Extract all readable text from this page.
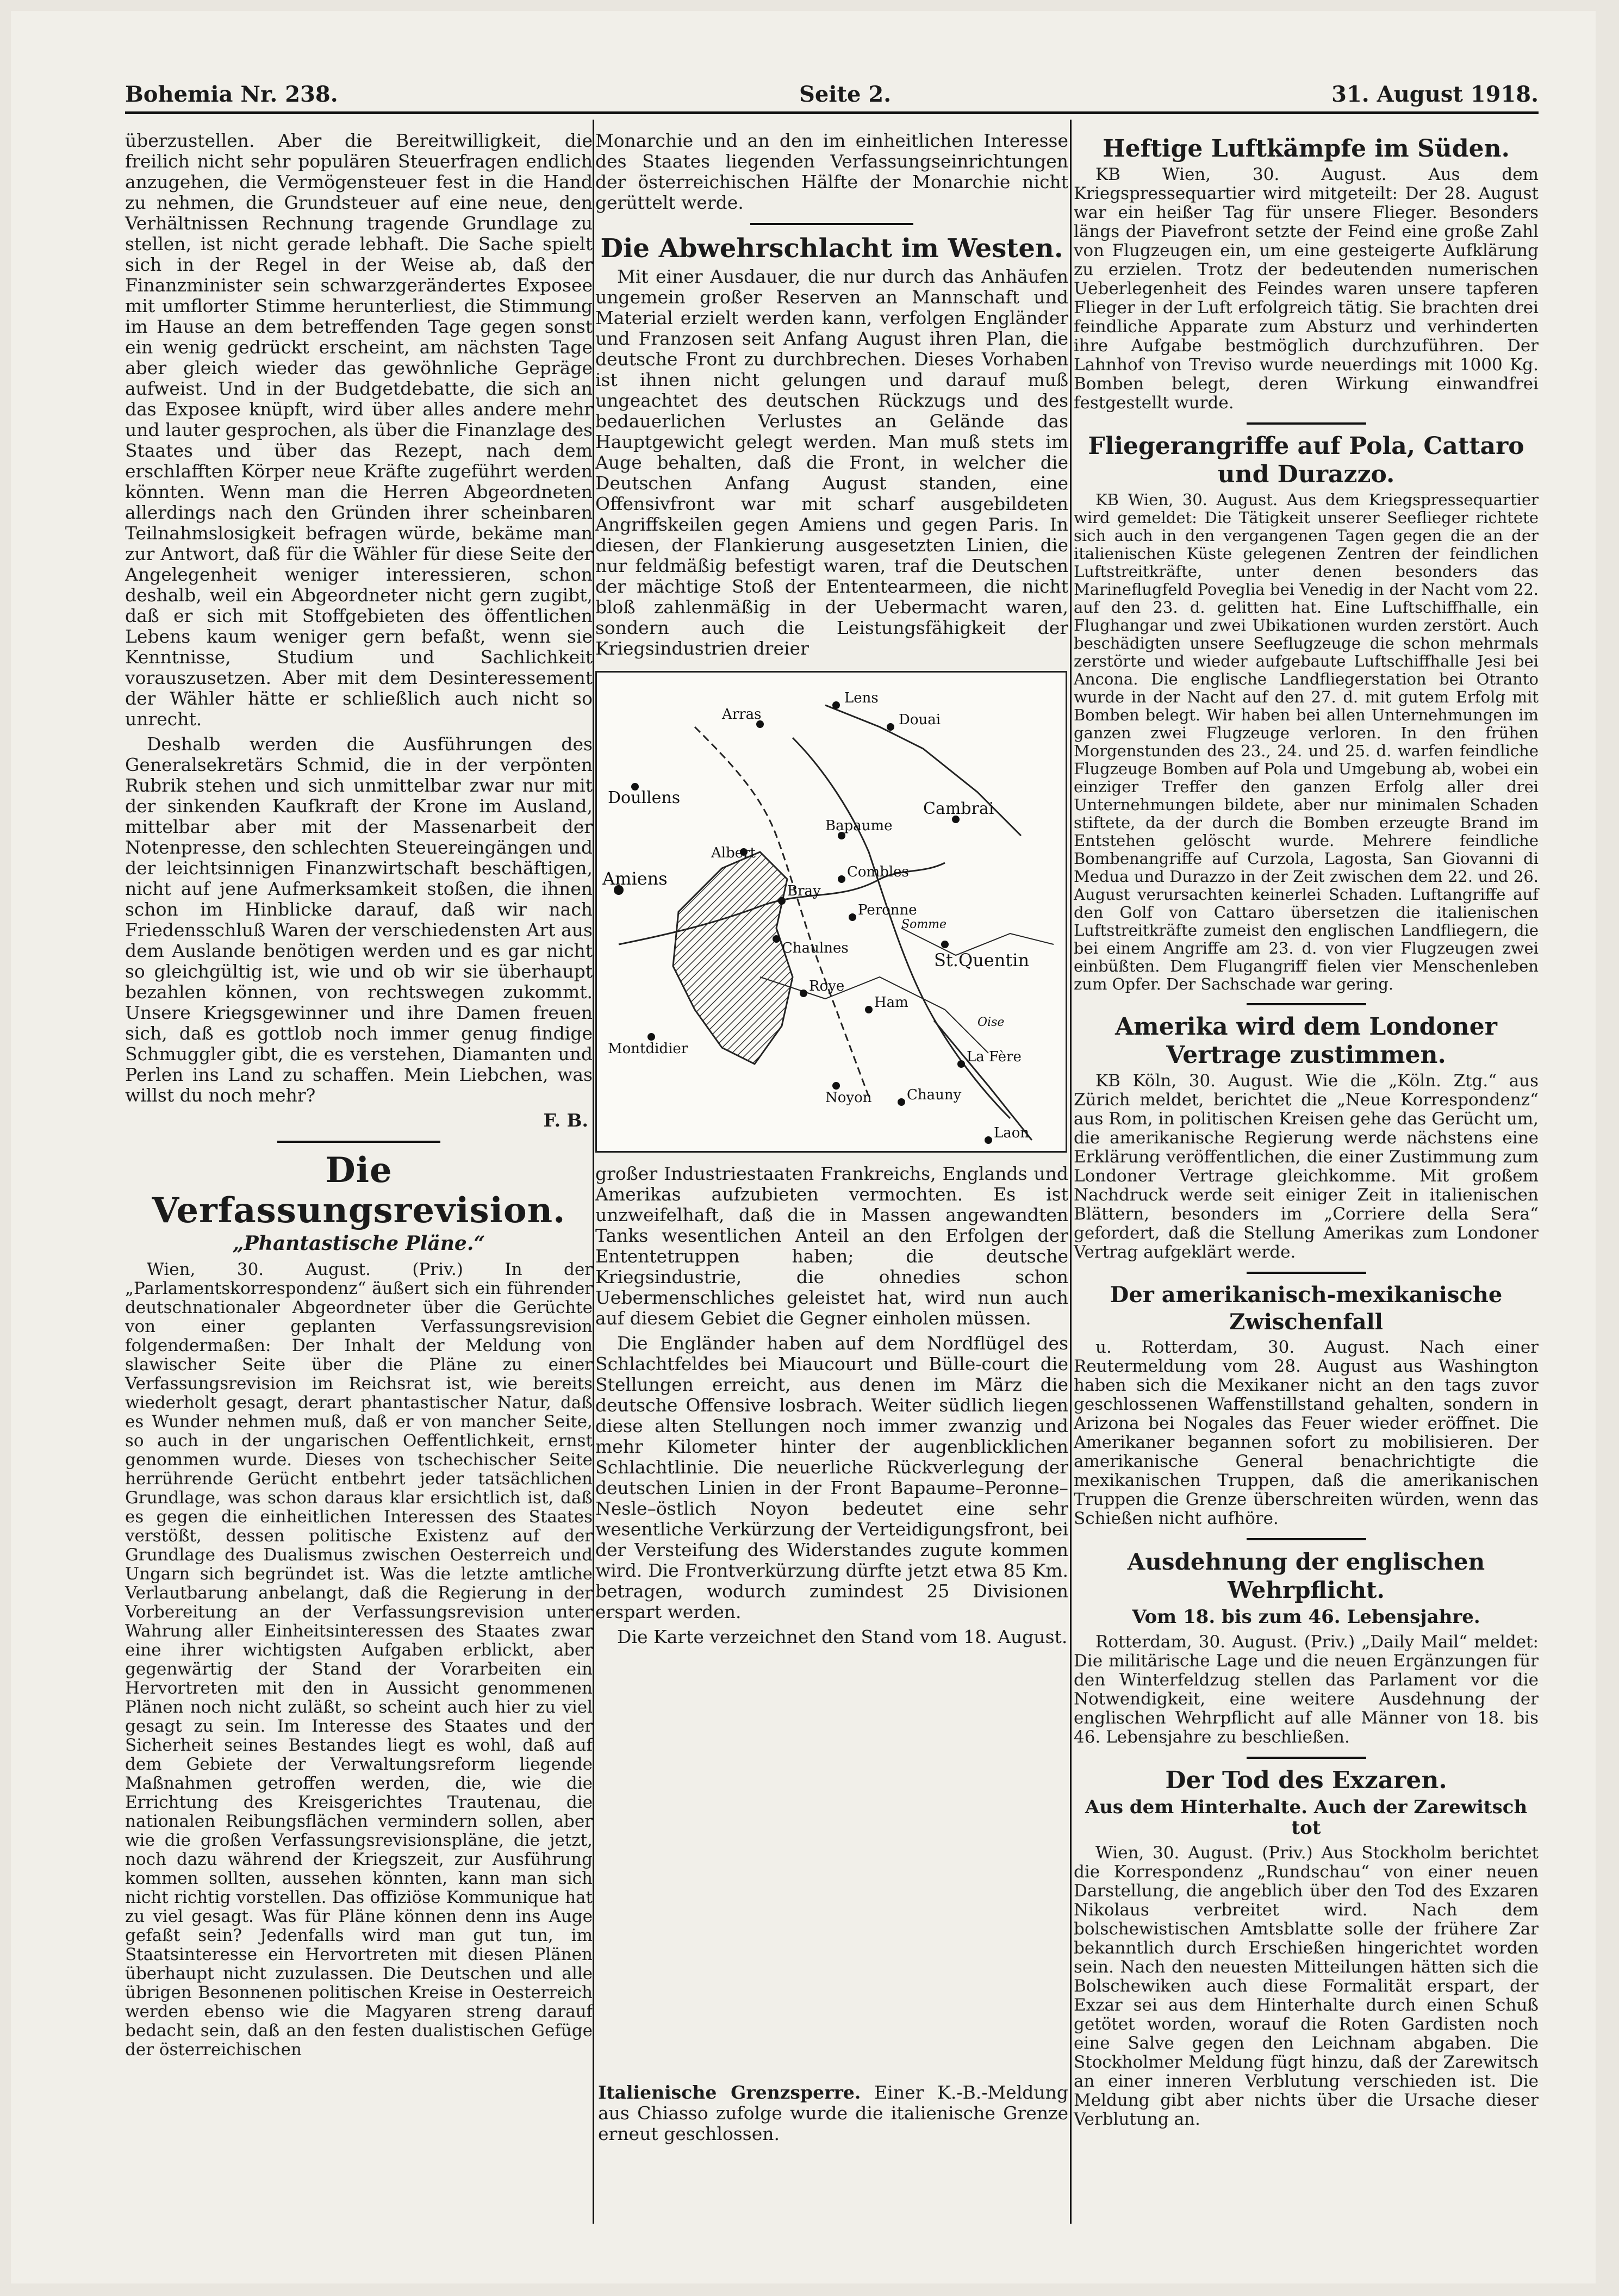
Bohemia Nr. 238.	Seite 2.	31. August 1918.

überzustellen. Aber die Bereitwilligkeit, die freilich nicht sehr populären Steuerfragen endlich anzugehen, die Vermögensteuer fest in die Hand zu nehmen, die Grundsteuer auf eine neue, den Verhältnissen Rechnung tragende Grundlage zu stellen, ist nicht gerade lebhaft. Die Sache spielt sich in der Regel in der Weise ab, daß der Finanzminister sein schwarzgerändertes Exposee mit umflorter Stimme herunterliest, die Stimmung im Hause an dem betreffenden Tage gegen sonst ein wenig gedrückt erscheint, am nächsten Tage aber gleich wieder das gewöhnliche Gepräge aufweist. Und in der Budgetdebatte, die sich an das Exposee knüpft, wird über alles andere mehr und lauter gesprochen, als über die Finanzlage des Staates und über das Rezept, nach dem erschlafften Körper neue Kräfte zugeführt werden könnten. Wenn man die Herren Abgeordneten allerdings nach den Gründen ihrer scheinbaren Teilnahmslosigkeit befragen würde, bekäme man zur Antwort, daß für die Wähler für diese Seite der Angelegenheit weniger interessieren, schon deshalb, weil ein Abgeordneter nicht gern zugibt, daß er sich mit Stoffgebieten des öffentlichen Lebens kaum weniger gern befaßt, wenn sie Kenntnisse, Studium und Sachlichkeit vorauszusetzen. Aber mit dem Desinteressement der Wähler hätte er schließlich auch nicht so unrecht.

Deshalb werden die Ausführungen des Generalsekretärs Schmid, die in der verpönten Rubrik stehen und sich unmittelbar zwar nur mit der sinkenden Kaufkraft der Krone im Ausland, mittelbar aber mit der Massenarbeit der Notenpresse, den schlechten Steuereingängen und der leichtsinnigen Finanzwirtschaft beschäftigen, nicht auf jene Aufmerksamkeit stoßen, die ihnen schon im Hinblicke darauf, daß wir nach Friedensschluß Waren der verschiedensten Art aus dem Auslande benötigen werden und es gar nicht so gleichgültig ist, wie und ob wir sie überhaupt bezahlen können, von rechtswegen zukommt. Unsere Kriegsgewinner und ihre Damen freuen sich, daß es gottlob noch immer genug findige Schmuggler gibt, die es verstehen, Diamanten und Perlen ins Land zu schaffen. Mein Liebchen, was willst du noch mehr?

F. B.
Die Verfassungsrevision.
„Phantastische Pläne.“

Wien, 30. August. (Priv.) In der „Parlamentskorrespondenz“ äußert sich ein führender deutschnationaler Abgeordneter über die Gerüchte von einer geplanten Verfassungsrevision folgendermaßen: Der Inhalt der Meldung von slawischer Seite über die Pläne zu einer Verfassungsrevision im Reichsrat ist, wie bereits wiederholt gesagt, derart phantastischer Natur, daß es Wunder nehmen muß, daß er von mancher Seite, so auch in der ungarischen Oeffentlichkeit, ernst genommen wurde. Dieses von tschechischer Seite herrührende Gerücht entbehrt jeder tatsächlichen Grundlage, was schon daraus klar ersichtlich ist, daß es gegen die einheitlichen Interessen des Staates verstößt, dessen politische Existenz auf der Grundlage des Dualismus zwischen Oesterreich und Ungarn sich begründet ist. Was die letzte amtliche Verlautbarung anbelangt, daß die Regierung in der Vorbereitung an der Verfassungsrevision unter Wahrung aller Einheitsinteressen des Staates zwar eine ihrer wichtigsten Aufgaben erblickt, aber gegenwärtig der Stand der Vorarbeiten ein Hervortreten mit den in Aussicht genommenen Plänen noch nicht zuläßt, so scheint auch hier zu viel gesagt zu sein. Im Interesse des Staates und der Sicherheit seines Bestandes liegt es wohl, daß auf dem Gebiete der Verwaltungsreform liegende Maßnahmen getroffen werden, die, wie die Errichtung des Kreisgerichtes Trautenau, die nationalen Reibungsflächen vermindern sollen, aber wie die großen Verfassungsrevisionspläne, die jetzt, noch dazu während der Kriegszeit, zur Ausführung kommen sollten, aussehen könnten, kann man sich nicht richtig vorstellen. Das offiziöse Kommunique hat zu viel gesagt. Was für Pläne können denn ins Auge gefaßt sein? Jedenfalls wird man gut tun, im Staatsinteresse ein Hervortreten mit diesen Plänen überhaupt nicht zuzulassen. Die Deutschen und alle übrigen Besonnenen politischen Kreise in Oesterreich werden ebenso wie die Magyaren streng darauf bedacht sein, daß an den festen dualistischen Gefüge der österreichischen

Monarchie und an den im einheitlichen Interesse des Staates liegenden Verfassungseinrichtungen der österreichischen Hälfte der Monarchie nicht gerüttelt werde.

Die Abwehrschlacht im Westen.

Mit einer Ausdauer, die nur durch das Anhäufen ungemein großer Reserven an Mannschaft und Material erzielt werden kann, verfolgen Engländer und Franzosen seit Anfang August ihren Plan, die deutsche Front zu durchbrechen. Dieses Vorhaben ist ihnen nicht gelungen und darauf muß ungeachtet des deutschen Rückzugs und des bedauerlichen Verlustes an Gelände das Hauptgewicht gelegt werden. Man muß stets im Auge behalten, daß die Front, in welcher die Deutschen Anfang August standen, eine Offensivfront war mit scharf ausgebildeten Angriffskeilen gegen Amiens und gegen Paris. In diesen, der Flankierung ausgesetzten Linien, die nur feldmäßig befestigt waren, traf die Deutschen der mächtige Stoß der Ententearmeen, die nicht bloß zahlenmäßig in der Uebermacht waren, sondern auch die Leistungsfähigkeit der Kriegsindustrien dreier

Lens
Arras	Douai
Doullens
Cambrai
Bapaume
Albert
Amiens	Combles
Bray
Peronne
Chaulnes
St.Quentin
Roye
Ham
Montdidier
Noyon Chauny
La Fère
Laon
Somme
Oise

großer Industriestaaten Frankreichs, Englands und Amerikas aufzubieten vermochten. Es ist unzweifelhaft, daß die in Massen angewandten Tanks wesentlichen Anteil an den Erfolgen der Ententetruppen haben; die deutsche Kriegsindustrie, die ohnedies schon Uebermenschliches geleistet hat, wird nun auch auf diesem Gebiet die Gegner einholen müssen.

Die Engländer haben auf dem Nordflügel des Schlachtfeldes bei Miaucourt und Bülle-court die Stellungen erreicht, aus denen im März die deutsche Offensive losbrach. Weiter südlich liegen diese alten Stellungen noch immer zwanzig und mehr Kilometer hinter der augenblicklichen Schlachtlinie. Die neuerliche Rückverlegung der deutschen Linien in der Front Bapaume–Peronne–Nesle–östlich Noyon bedeutet eine sehr wesentliche Verkürzung der Verteidigungsfront, bei der Versteifung des Widerstandes zugute kommen wird. Die Frontverkürzung dürfte jetzt etwa 85 Km. betragen, wodurch zumindest 25 Divisionen erspart werden.

Die Karte verzeichnet den Stand vom 18. August.

Italienische Grenzsperre. Einer K.-B.-Meldung aus Chiasso zufolge wurde die italienische Grenze erneut geschlossen.
Heftige Luftkämpfe im Süden.

KB Wien, 30. August. Aus dem Kriegspressequartier wird mitgeteilt: Der 28. August war ein heißer Tag für unsere Flieger. Besonders längs der Piavefront setzte der Feind eine große Zahl von Flugzeugen ein, um eine gesteigerte Aufklärung zu erzielen. Trotz der bedeutenden numerischen Ueberlegenheit des Feindes waren unsere tapferen Flieger in der Luft erfolgreich tätig. Sie brachten drei feindliche Apparate zum Absturz und verhinderten ihre Aufgabe bestmöglich durchzuführen. Der Lahnhof von Treviso wurde neuerdings mit 1000 Kg. Bomben belegt, deren Wirkung einwandfrei festgestellt wurde.

Fliegerangriffe auf Pola, Cattaro und Durazzo.

KB Wien, 30. August. Aus dem Kriegspressequartier wird gemeldet: Die Tätigkeit unserer Seeflieger richtete sich auch in den vergangenen Tagen gegen die an der italienischen Küste gelegenen Zentren der feindlichen Luftstreitkräfte, unter denen besonders das Marineflugfeld Poveglia bei Venedig in der Nacht vom 22. auf den 23. d. gelitten hat. Eine Luftschiffhalle, ein Flughangar und zwei Ubikationen wurden zerstört. Auch beschädigten unsere Seeflugzeuge die schon mehrmals zerstörte und wieder aufgebaute Luftschiffhalle Jesi bei Ancona. Die englische Landfliegerstation bei Otranto wurde in der Nacht auf den 27. d. mit gutem Erfolg mit Bomben belegt. Wir haben bei allen Unternehmungen im ganzen zwei Flugzeuge verloren. In den frühen Morgenstunden des 23., 24. und 25. d. warfen feindliche Flugzeuge Bomben auf Pola und Umgebung ab, wobei ein einziger Treffer den ganzen Erfolg aller drei Unternehmungen bildete, aber nur minimalen Schaden stiftete, da der durch die Bomben erzeugte Brand im Entstehen gelöscht wurde. Mehrere feindliche Bombenangriffe auf Curzola, Lagosta, San Giovanni di Medua und Durazzo in der Zeit zwischen dem 22. und 26. August verursachten keinerlei Schaden. Luftangriffe auf den Golf von Cattaro übersetzen die italienischen Luftstreitkräfte zumeist den englischen Landfliegern, die bei einem Angriffe am 23. d. von vier Flugzeugen zwei einbüßten. Dem Flugangriff fielen vier Menschenleben zum Opfer. Der Sachschade war gering.

Amerika wird dem Londoner Vertrage zustimmen.

KB Köln, 30. August. Wie die „Köln. Ztg.“ aus Zürich meldet, berichtet die „Neue Korrespondenz“ aus Rom, in politischen Kreisen gehe das Gerücht um, die amerikanische Regierung werde nächstens eine Erklärung veröffentlichen, die einer Zustimmung zum Londoner Vertrage gleichkomme. Mit großem Nachdruck werde seit einiger Zeit in italienischen Blättern, besonders im „Corriere della Sera“ gefordert, daß die Stellung Amerikas zum Londoner Vertrag aufgeklärt werde.

Der amerikanisch-mexikanische Zwischenfall

u. Rotterdam, 30. August. Nach einer Reutermeldung vom 28. August aus Washington haben sich die Mexikaner nicht an den tags zuvor geschlossenen Waffenstillstand gehalten, sondern in Arizona bei Nogales das Feuer wieder eröffnet. Die Amerikaner begannen sofort zu mobilisieren. Der amerikanische General benachrichtigte die mexikanischen Truppen, daß die amerikanischen Truppen die Grenze überschreiten würden, wenn das Schießen nicht aufhöre.

Ausdehnung der englischen Wehrpflicht.
Vom 18. bis zum 46. Lebensjahre.

Rotterdam, 30. August. (Priv.) „Daily Mail“ meldet: Die militärische Lage und die neuen Ergänzungen für den Winterfeldzug stellen das Parlament vor die Notwendigkeit, eine weitere Ausdehnung der englischen Wehrpflicht auf alle Männer von 18. bis 46. Lebensjahre zu beschließen.

Der Tod des Exzaren.
Aus dem Hinterhalte. Auch der Zarewitsch tot

Wien, 30. August. (Priv.) Aus Stockholm berichtet die Korrespondenz „Rundschau“ von einer neuen Darstellung, die angeblich über den Tod des Exzaren Nikolaus verbreitet wird. Nach dem bolschewistischen Amtsblatte solle der frühere Zar bekanntlich durch Erschießen hingerichtet worden sein. Nach den neuesten Mitteilungen hätten sich die Bolschewiken auch diese Formalität erspart, der Exzar sei aus dem Hinterhalte durch einen Schuß getötet worden, worauf die Roten Gardisten noch eine Salve gegen den Leichnam abgaben. Die Stockholmer Meldung fügt hinzu, daß der Zarewitsch an einer inneren Verblutung verschieden ist. Die Meldung gibt aber nichts über die Ursache dieser Verblutung an.
